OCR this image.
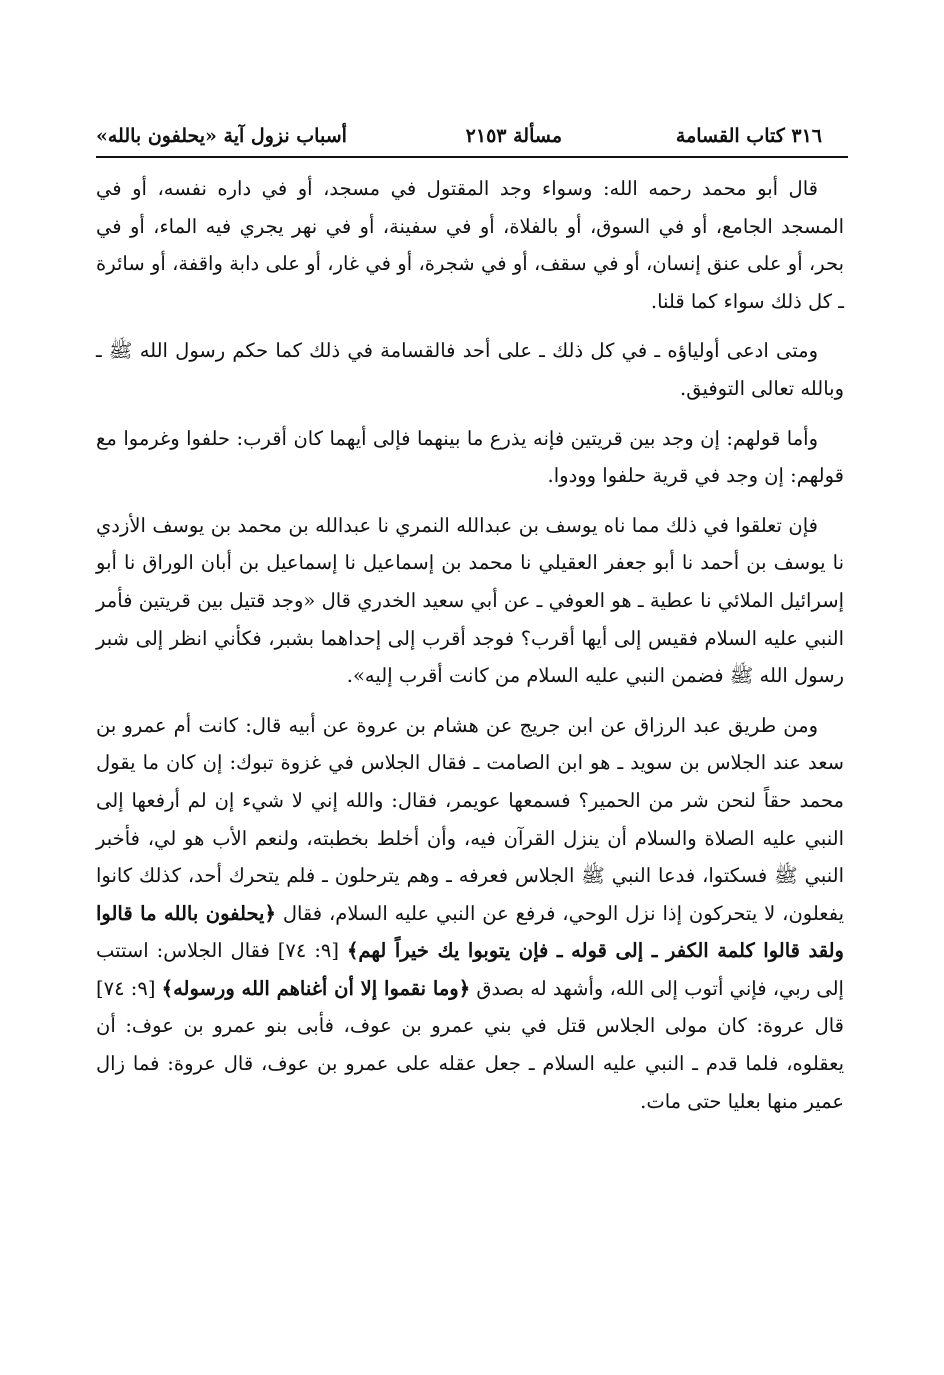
٣١٦ كتاب القسامة
مسألة ٢١٥٣
أسباب نزول آية «يحلفون بالله»

قال أبو محمد رحمه الله: وسواء وجد المقتول في مسجد، أو في داره نفسه، أو في المسجد الجامع، أو في السوق، أو بالفلاة، أو في سفينة، أو في نهر يجري فيه الماء، أو في بحر، أو على عنق إنسان، أو في سقف، أو في شجرة، أو في غار، أو على دابة واقفة، أو سائرة ـ كل ذلك سواء كما قلنا.

ومتى ادعى أولياؤه ـ في كل ذلك ـ على أحد فالقسامة في ذلك كما حكم رسول الله ﷺ ـ وبالله تعالى التوفيق.

وأما قولهم: إن وجد بين قريتين فإنه يذرع ما بينهما فإلى أيهما كان أقرب: حلفوا وغرموا مع قولهم: إن وجد في قرية حلفوا وودوا.

فإن تعلقوا في ذلك مما ناه يوسف بن عبدالله النمري نا عبدالله بن محمد بن يوسف الأزدي نا يوسف بن أحمد نا أبو جعفر العقيلي نا محمد بن إسماعيل نا إسماعيل بن أبان الوراق نا أبو إسرائيل الملائي نا عطية ـ هو العوفي ـ عن أبي سعيد الخدري قال «وجد قتيل بين قريتين فأمر النبي عليه السلام فقيس إلى أيها أقرب؟ فوجد أقرب إلى إحداهما بشبر، فكأني انظر إلى شبر رسول الله ﷺ فضمن النبي عليه السلام من كانت أقرب إليه».

ومن طريق عبد الرزاق عن ابن جريج عن هشام بن عروة عن أبيه قال: كانت أم عمرو بن سعد عند الجلاس بن سويد ـ هو ابن الصامت ـ فقال الجلاس في غزوة تبوك: إن كان ما يقول محمد حقاً لنحن شر من الحمير؟ فسمعها عويمر، فقال: والله إني لا شيء إن لم أرفعها إلى النبي عليه الصلاة والسلام أن ينزل القرآن فيه، وأن أخلط بخطبته، ولنعم الأب هو لي، فأخبر النبي ﷺ فسكتوا، فدعا النبي ﷺ الجلاس فعرفه ـ وهم يترحلون ـ فلم يتحرك أحد، كذلك كانوا يفعلون، لا يتحركون إذا نزل الوحي، فرفع عن النبي عليه السلام، فقال ﴿يحلفون بالله ما قالوا ولقد قالوا كلمة الكفر ـ إلى قوله ـ فإن يتوبوا يك خيراً لهم﴾ [٩: ٧٤] فقال الجلاس: استتب إلى ربي، فإني أتوب إلى الله، وأشهد له بصدق ﴿وما نقموا إلا أن أغناهم الله ورسوله﴾ [٩: ٧٤] قال عروة: كان مولى الجلاس قتل في بني عمرو بن عوف، فأبى بنو عمرو بن عوف: أن يعقلوه، فلما قدم ـ النبي عليه السلام ـ جعل عقله على عمرو بن عوف، قال عروة: فما زال عمير منها بعليا حتى مات.
